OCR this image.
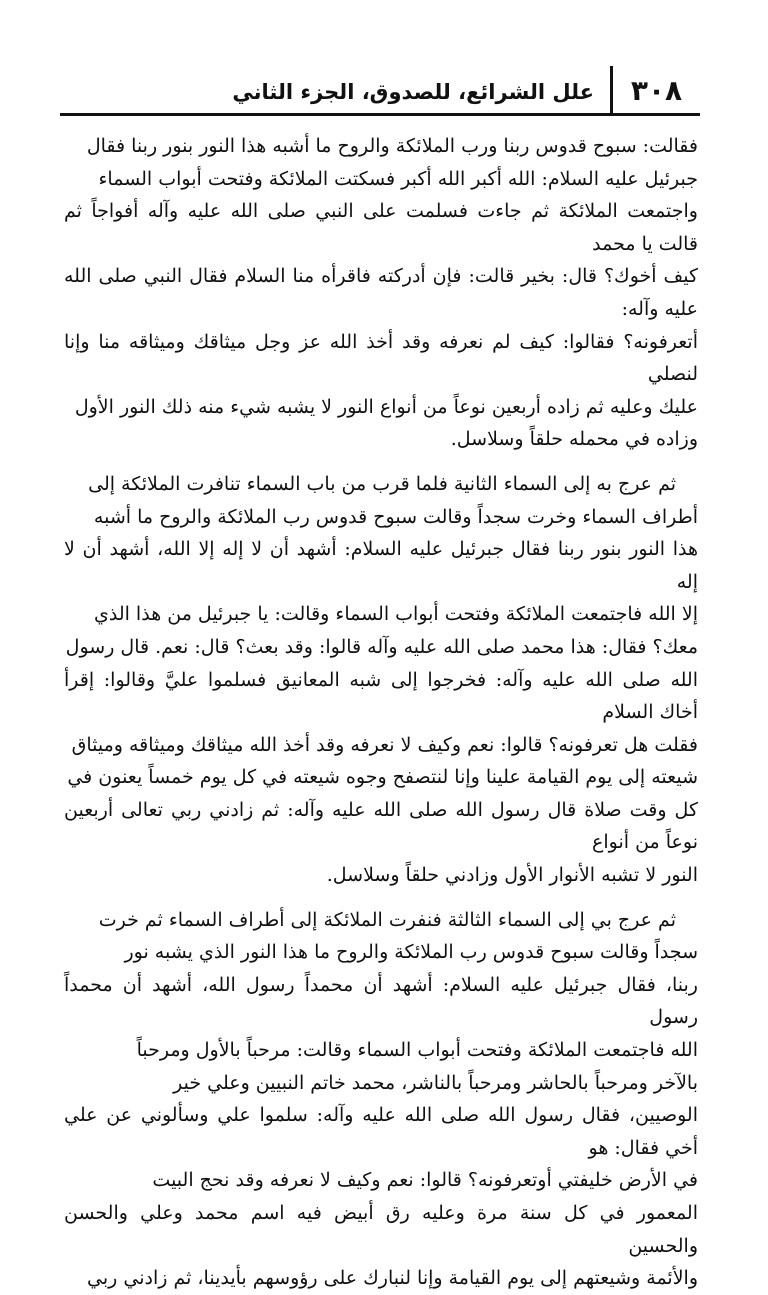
٣٠٨
علل الشرائع، للصدوق، الجزء الثاني

فقالت: سبوح قدوس ربنا ورب الملائكة والروح ما أشبه هذا النور بنور ربنا فقال
جبرئيل عليه السلام: الله أكبر الله أكبر فسكتت الملائكة وفتحت أبواب السماء
واجتمعت الملائكة ثم جاءت فسلمت على النبي صلى الله عليه وآله أفواجاً ثم قالت يا محمد
كيف أخوك؟ قال: بخير قالت: فإن أدركته فاقرأه منا السلام فقال النبي صلى الله عليه وآله:
أتعرفونه؟ فقالوا: كيف لم نعرفه وقد أخذ الله عز وجل ميثاقك وميثاقه منا وإنا لنصلي
عليك وعليه ثم زاده أربعين نوعاً من أنواع النور لا يشبه شيء منه ذلك النور الأول
وزاده في محمله حلقاً وسلاسل.

ثم عرج به إلى السماء الثانية فلما قرب من باب السماء تنافرت الملائكة إلى
أطراف السماء وخرت سجداً وقالت سبوح قدوس رب الملائكة والروح ما أشبه
هذا النور بنور ربنا فقال جبرئيل عليه السلام: أشهد أن لا إله إلا الله، أشهد أن لا إله
إلا الله فاجتمعت الملائكة وفتحت أبواب السماء وقالت: يا جبرئيل من هذا الذي
معك؟ فقال: هذا محمد صلى الله عليه وآله قالوا: وقد بعث؟ قال: نعم. قال رسول
الله صلى الله عليه وآله: فخرجوا إلى شبه المعانيق فسلموا عليَّ وقالوا: إقرأ أخاك السلام
فقلت هل تعرفونه؟ قالوا: نعم وكيف لا نعرفه وقد أخذ الله ميثاقك وميثاقه وميثاق
شيعته إلى يوم القيامة علينا وإنا لنتصفح وجوه شيعته في كل يوم خمساً يعنون في
كل وقت صلاة قال رسول الله صلى الله عليه وآله: ثم زادني ربي تعالى أربعين نوعاً من أنواع
النور لا تشبه الأنوار الأول وزادني حلقاً وسلاسل.

ثم عرج بي إلى السماء الثالثة فنفرت الملائكة إلى أطراف السماء ثم خرت
سجداً وقالت سبوح قدوس رب الملائكة والروح ما هذا النور الذي يشبه نور
ربنا، فقال جبرئيل عليه السلام: أشهد أن محمداً رسول الله، أشهد أن محمداً رسول
الله فاجتمعت الملائكة وفتحت أبواب السماء وقالت: مرحباً بالأول ومرحباً
بالآخر ومرحباً بالحاشر ومرحباً بالناشر، محمد خاتم النبيين وعلي خير
الوصيين، فقال رسول الله صلى الله عليه وآله: سلموا علي وسألوني عن علي أخي فقال: هو
في الأرض خليفتي أوتعرفونه؟ قالوا: نعم وكيف لا نعرفه وقد نحج البيت
المعمور في كل سنة مرة وعليه رق أبيض فيه اسم محمد وعلي والحسن والحسين
والأئمة وشيعتهم إلى يوم القيامة وإنا لنبارك على رؤوسهم بأيدينا، ثم زادني ربي
